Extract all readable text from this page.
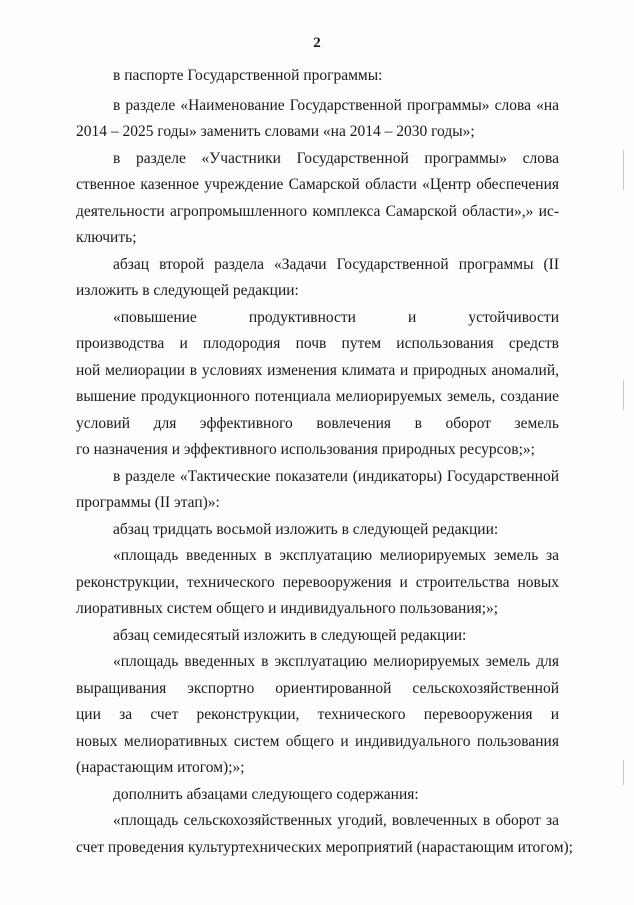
2
в паспорте Государственной программы:
в разделе «Наименование Государственной программы» слова «на
2014 – 2025 годы» заменить словами «на 2014 – 2030 годы»;
в разделе «Участники Государственной программы» слова
ственное казенное учреждение Самарской области «Центр обеспечения
деятельности агропромышленного комплекса Самарской области»,» ис-
ключить;
абзац второй раздела «Задачи Государственной программы (II
изложить в следующей редакции:
«повышение продуктивности и устойчивости
производства и плодородия почв путем использования средств
ной мелиорации в условиях изменения климата и природных аномалий,
вышение продукционного потенциала мелиорируемых земель, создание
условий для эффективного вовлечения в оборот земель
го назначения и эффективного использования природных ресурсов;»;
в разделе «Тактические показатели (индикаторы) Государственной
программы (II этап)»:
абзац тридцать восьмой изложить в следующей редакции:
«площадь введенных в эксплуатацию мелиорируемых земель за
реконструкции, технического перевооружения и строительства новых
лиоративных систем общего и индивидуального пользования;»;
абзац семидесятый изложить в следующей редакции:
«площадь введенных в эксплуатацию мелиорируемых земель для
выращивания экспортно ориентированной сельскохозяйственной
ции за счет реконструкции, технического перевооружения и
новых мелиоративных систем общего и индивидуального пользования
(нарастающим итогом);»;
дополнить абзацами следующего содержания:
«площадь сельскохозяйственных угодий, вовлеченных в оборот за
счет проведения культуртехнических мероприятий (нарастающим итогом);
